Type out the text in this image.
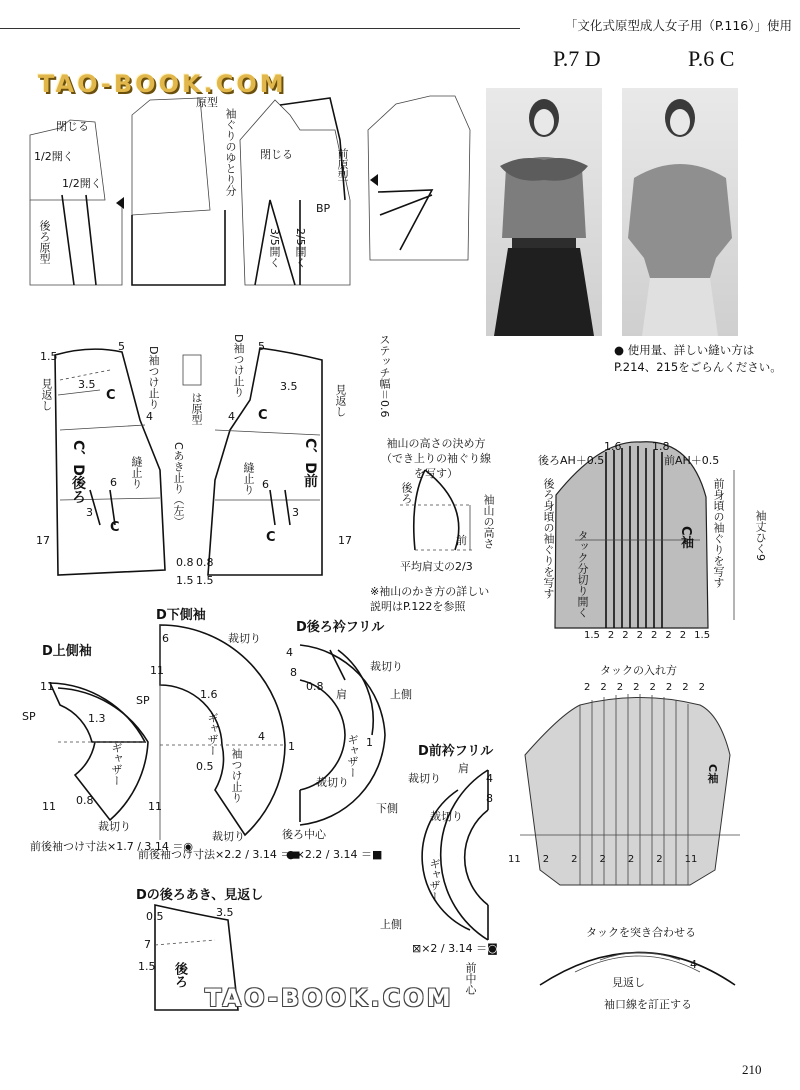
「文化式原型成人女子用（P.116）」使用
P.7 D	P.6 C
● 使用量、詳しい縫い方はP.214、215をごらんください。
TAO-BOOK.COM
1/2開く
閉じる
1/2開く
原型
袖ぐりのゆとり分 閉じる	前原型
BP
後ろ原型	3/5開く 2/5開く
C
C、D後ろ	縫止り
C
見返し
Cあき止り（左）
D袖つけ止り	D袖つけ止り
C
C、D前
縫止り
C
見返し
は原型	ステッチ幅＝0.6
1.5
5
3.5
4
6
3
17
0.8
1.5
5
3.5
4
6
3
17
0.8
1.5
袖山の高さの決め方（でき上りの袖ぐり線を写す）
後ろ
前 袖山の高さ
平均肩丈の2/3
※袖山のかき方の詳しい説明はP.122を参照
後ろAH＋0.5	前AH＋0.5
1.6	1.8
C袖
タック分切り開く
後ろ身頃の袖ぐりを写す	前身頃の袖ぐりを写す	袖丈ひく9
1.5 2 2 2 2 2 2 1.5
タックの入れ方
2 2 2 2 2 2 2 2
C袖
11 2 2 2 2 2 11
タックを突き合わせる
見返し
袖口線を訂正する
4
D上側袖
SP
ギャザー
裁切り
11
1.3
0.8
11
前後袖つけ寸法×1.7 / 3.14 ＝◉
D下側袖
SP
ギャザー
袖つけ止り
裁切り
裁切り
6
11
1.6
0.5
4
1
11
前後袖つけ寸法×2.2 / 3.14 ＝◼
D後ろ衿フリル
裁切り
肩	上側
ギャザー
裁切り
下側
後ろ中心
4
8
0.8
1
●×2.2 / 3.14 ＝■
D前衿フリル
肩
裁切り
裁切り
ギャザー
上側
前中心
4
8
⊠×2 / 3.14 ＝◙
Dの後ろあき、見返し
後ろ
0.5	3.5
7
1.5
TAO-BOOK.COM
210
